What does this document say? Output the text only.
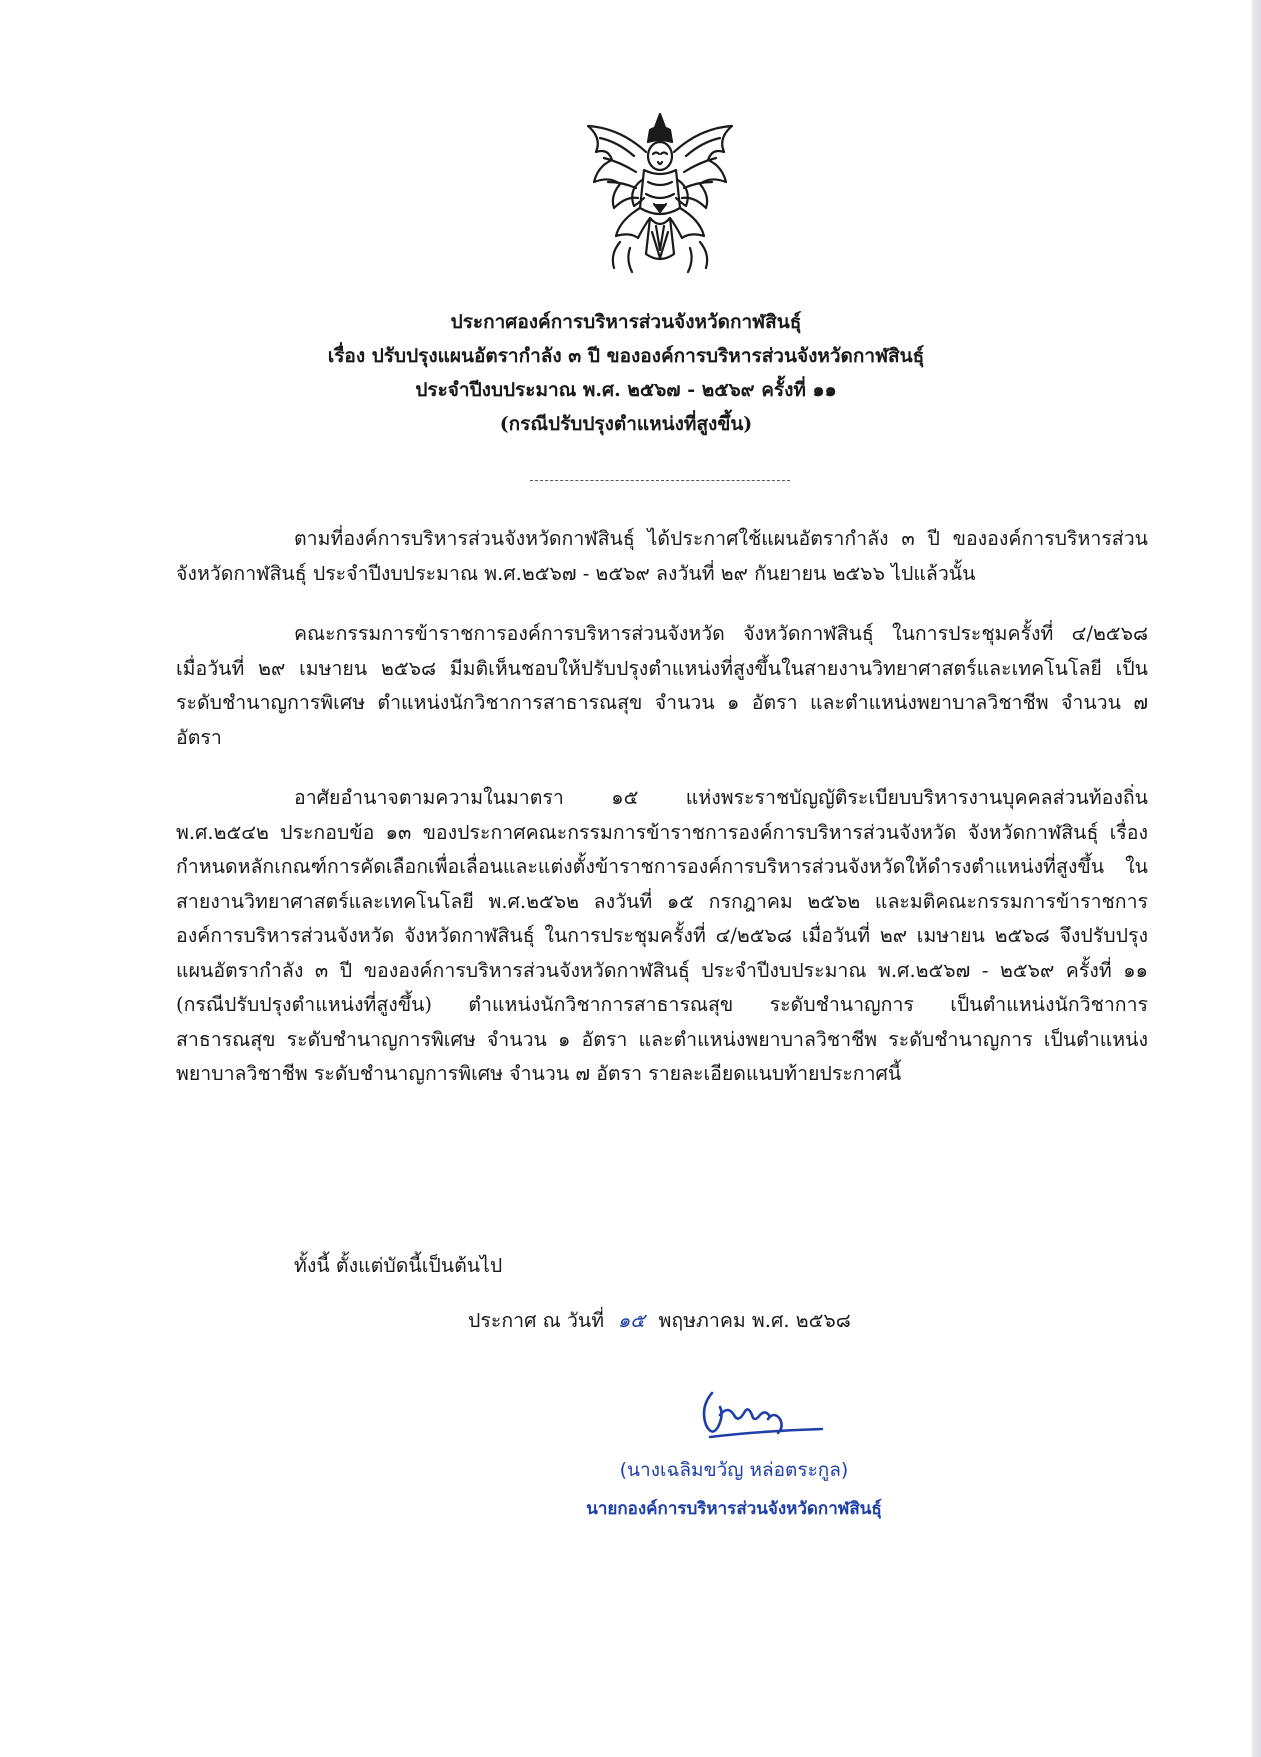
ประกาศองค์การบริหารส่วนจังหวัดกาฬสินธุ์
เรื่อง ปรับปรุงแผนอัตรากำลัง ๓ ปี ขององค์การบริหารส่วนจังหวัดกาฬสินธุ์
ประจำปีงบประมาณ พ.ศ. ๒๕๖๗ - ๒๕๖๙ ครั้งที่ ๑๑
(กรณีปรับปรุงตำแหน่งที่สูงขึ้น)

ตามที่องค์การบริหารส่วนจังหวัดกาฬสินธุ์ ได้ประกาศใช้แผนอัตรากำลัง ๓ ปี ขององค์การบริหารส่วนจังหวัดกาฬสินธุ์ ประจำปีงบประมาณ พ.ศ.๒๕๖๗ - ๒๕๖๙ ลงวันที่ ๒๙ กันยายน ๒๕๖๖ ไปแล้วนั้น

คณะกรรมการข้าราชการองค์การบริหารส่วนจังหวัด จังหวัดกาฬสินธุ์ ในการประชุมครั้งที่ ๔/๒๕๖๘ เมื่อวันที่ ๒๙ เมษายน ๒๕๖๘ มีมติเห็นชอบให้ปรับปรุงตำแหน่งที่สูงขึ้นในสายงานวิทยาศาสตร์และเทคโนโลยี เป็นระดับชำนาญการพิเศษ ตำแหน่งนักวิชาการสาธารณสุข จำนวน ๑ อัตรา และตำแหน่งพยาบาลวิชาชีพ จำนวน ๗ อัตรา

อาศัยอำนาจตามความในมาตรา ๑๕ แห่งพระราชบัญญัติระเบียบบริหารงานบุคคลส่วนท้องถิ่น พ.ศ.๒๕๔๒ ประกอบข้อ ๑๓ ของประกาศคณะกรรมการข้าราชการองค์การบริหารส่วนจังหวัด จังหวัดกาฬสินธุ์ เรื่อง กำหนดหลักเกณฑ์การคัดเลือกเพื่อเลื่อนและแต่งตั้งข้าราชการองค์การบริหารส่วนจังหวัดให้ดำรงตำแหน่งที่สูงขึ้น ในสายงานวิทยาศาสตร์และเทคโนโลยี พ.ศ.๒๕๖๒ ลงวันที่ ๑๕ กรกฎาคม ๒๕๖๒ และมติคณะกรรมการข้าราชการองค์การบริหารส่วนจังหวัด จังหวัดกาฬสินธุ์ ในการประชุมครั้งที่ ๔/๒๕๖๘ เมื่อวันที่ ๒๙ เมษายน ๒๕๖๘ จึงปรับปรุงแผนอัตรากำลัง ๓ ปี ขององค์การบริหารส่วนจังหวัดกาฬสินธุ์ ประจำปีงบประมาณ พ.ศ.๒๕๖๗ - ๒๕๖๙ ครั้งที่ ๑๑ (กรณีปรับปรุงตำแหน่งที่สูงขึ้น) ตำแหน่งนักวิชาการสาธารณสุข ระดับชำนาญการ เป็นตำแหน่งนักวิชาการสาธารณสุข ระดับชำนาญการพิเศษ จำนวน ๑ อัตรา และตำแหน่งพยาบาลวิชาชีพ ระดับชำนาญการ เป็นตำแหน่งพยาบาลวิชาชีพ ระดับชำนาญการพิเศษ จำนวน ๗ อัตรา รายละเอียดแนบท้ายประกาศนี้

ทั้งนี้ ตั้งแต่บัดนี้เป็นต้นไป
ประกาศ ณ วันที่ ๑๕ พฤษภาคม พ.ศ. ๒๕๖๘
(นางเฉลิมขวัญ หล่อตระกูล)
นายกองค์การบริหารส่วนจังหวัดกาฬสินธุ์
